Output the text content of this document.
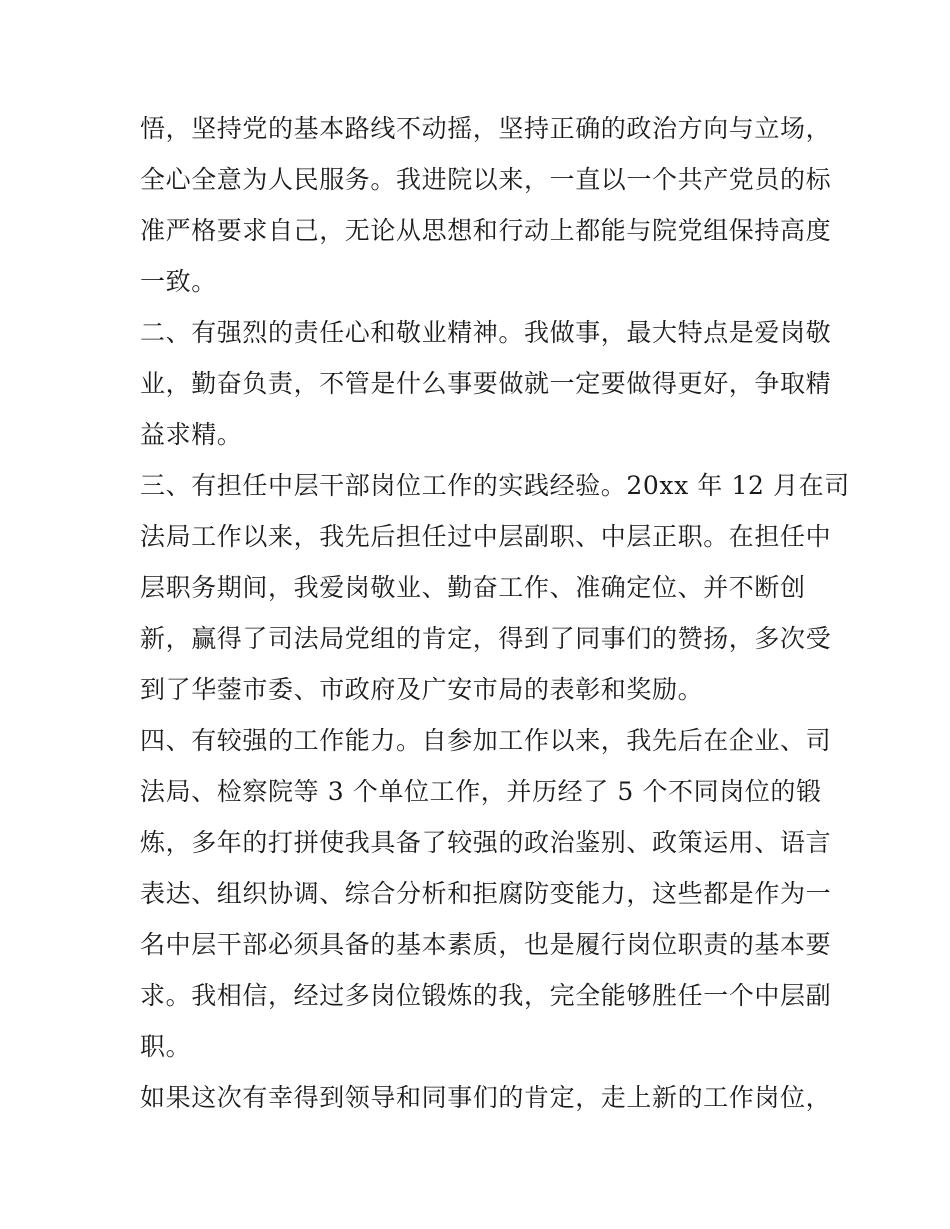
悟，坚持党的基本路线不动摇，坚持正确的政治方向与立场，
全心全意为人民服务。我进院以来，一直以一个共产党员的标
准严格要求自己，无论从思想和行动上都能与院党组保持高度
一致。
二、有强烈的责任心和敬业精神。我做事，最大特点是爱岗敬
业，勤奋负责，不管是什么事要做就一定要做得更好，争取精
益求精。
三、有担任中层干部岗位工作的实践经验。20xx 年 12 月在司
法局工作以来，我先后担任过中层副职、中层正职。在担任中
层职务期间，我爱岗敬业、勤奋工作、准确定位、并不断创
新，赢得了司法局党组的肯定，得到了同事们的赞扬，多次受
到了华蓥市委、市政府及广安市局的表彰和奖励。
四、有较强的工作能力。自参加工作以来，我先后在企业、司
法局、检察院等 3 个单位工作，并历经了 5 个不同岗位的锻
炼，多年的打拼使我具备了较强的政治鉴别、政策运用、语言
表达、组织协调、综合分析和拒腐防变能力，这些都是作为一
名中层干部必须具备的基本素质，也是履行岗位职责的基本要
求。我相信，经过多岗位锻炼的我，完全能够胜任一个中层副
职。
如果这次有幸得到领导和同事们的肯定，走上新的工作岗位，
